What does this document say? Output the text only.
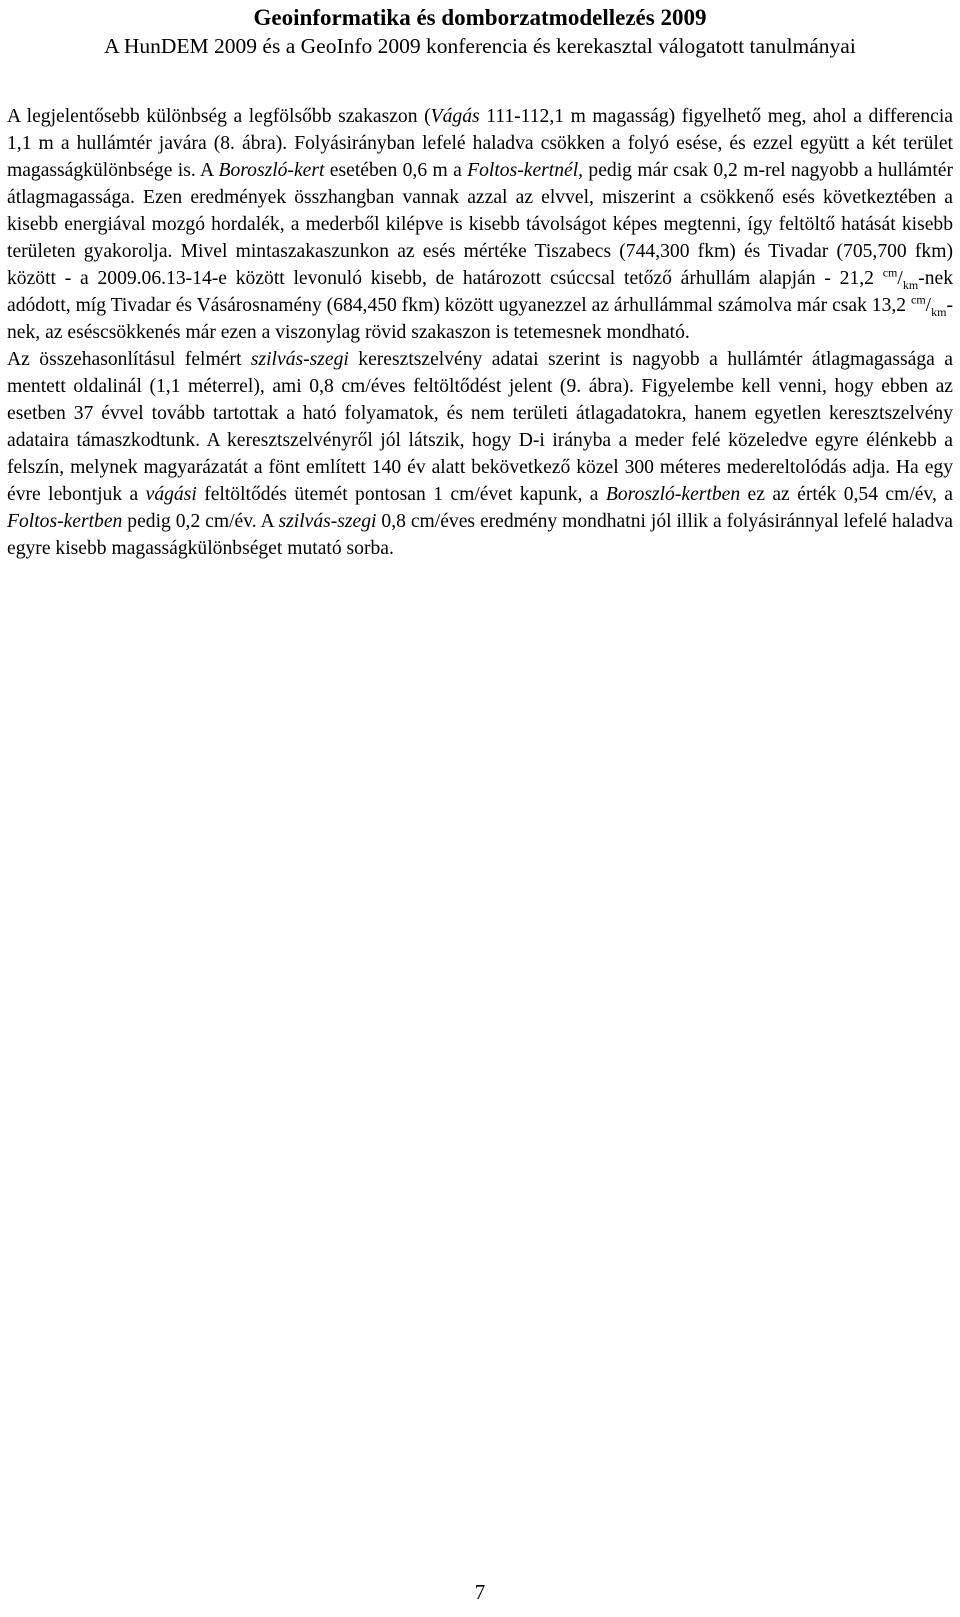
Geoinformatika és domborzatmodellezés 2009

A HunDEM 2009 és a GeoInfo 2009 konferencia és kerekasztal válogatott tanulmányai

A legjelentősebb különbség a legfölsőbb szakaszon (Vágás 111-112,1 m magasság) figyelhető meg, ahol a differencia 1,1 m a hullámtér javára (8. ábra). Folyásirányban lefelé haladva csökken a folyó esése, és ezzel együtt a két terület magasságkülönbsége is. A Boroszló-kert esetében 0,6 m a Foltos-kertnél, pedig már csak 0,2 m-rel nagyobb a hullámtér átlagmagassága. Ezen eredmények összhangban vannak azzal az elvvel, miszerint a csökkenő esés következtében a kisebb energiával mozgó hordalék, a mederből kilépve is kisebb távolságot képes megtenni, így feltöltő hatását kisebb területen gyakorolja. Mivel mintaszakaszunkon az esés mértéke Tiszabecs (744,300 fkm) és Tivadar (705,700 fkm) között - a 2009.06.13-14-e között levonuló kisebb, de határozott csúccsal tetőző árhullám alapján - 21,2 $^{cm}/_{km}$-nek adódott, míg Tivadar és Vásárosnamény (684,450 fkm) között ugyanezzel az árhullámmal számolva már csak 13,2 $^{cm}/_{km}$-nek, az eséscsökkenés már ezen a viszonylag rövid szakaszon is tetemesnek mondható.

Az összehasonlításul felmért szilvás-szegi keresztszelvény adatai szerint is nagyobb a hullámtér átlagmagassága a mentett oldalinál (1,1 méterrel), ami 0,8 cm/éves feltöltődést jelent (9. ábra). Figyelembe kell venni, hogy ebben az esetben 37 évvel tovább tartottak a ható folyamatok, és nem területi átlagadatokra, hanem egyetlen keresztszelvény adataira támaszkodtunk. A keresztszelvényről jól látszik, hogy D-i irányba a meder felé közeledve egyre élénkebb a felszín, melynek magyarázatát a fönt említett 140 év alatt bekövetkező közel 300 méteres medereltolódás adja. Ha egy évre lebontjuk a vágási feltöltődés ütemét pontosan 1 cm/évet kapunk, a Boroszló-kertben ez az érték 0,54 cm/év, a Foltos-kertben pedig 0,2 cm/év. A szilvás-szegi 0,8 cm/éves eredmény mondhatni jól illik a folyásiránnyal lefelé haladva egyre kisebb magasságkülönbséget mutató sorba.

7
